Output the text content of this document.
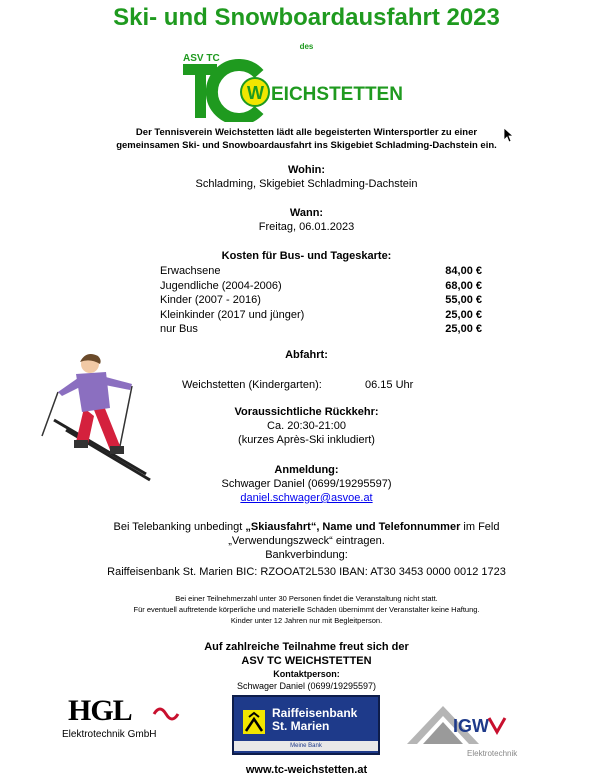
Ski- und Snowboardausfahrt 2023
des
ASV TC
W EICHSTETTEN
Der Tennisverein Weichstetten lädt alle begeisterten Wintersportler zu einer
gemeinsamen Ski- und Snowboardausfahrt ins Skigebiet Schladming-Dachstein ein.
Wohin:
Schladming, Skigebiet Schladming-Dachstein
Wann:
Freitag, 06.01.2023
Kosten für Bus- und Tageskarte:
Erwachsene	84,00 €
Jugendliche (2004-2006)	68,00 €
Kinder (2007 - 2016)	55,00 €
Kleinkinder (2017 und jünger)	25,00 €
nur Bus	25,00 €
Abfahrt:
Weichstetten (Kindergarten):	06.15 Uhr
Voraussichtliche Rückkehr:
Ca. 20:30-21:00
(kurzes Après-Ski inkludiert)
Anmeldung:
Schwager Daniel (0699/19295597)
daniel.schwager@asvoe.at
Bei Telebanking unbedingt „Skiausfahrt“, Name und Telefonnummer im Feld
„Verwendungszweck“ eintragen.
Bankverbindung:
Raiffeisenbank St. Marien BIC: RZOOAT2L530 IBAN: AT30 3453 0000 0012 1723
Bei einer Teilnehmerzahl unter 30 Personen findet die Veranstaltung nicht statt.
Für eventuell auftretende körperliche und materielle Schäden übernimmt der Veranstalter keine Haftung.
Kinder unter 12 Jahren nur mit Begleitperson.
Auf zahlreiche Teilnahme freut sich der
ASV TC WEICHSTETTEN
Kontaktperson:
Schwager Daniel (0699/19295597)
HGL
Elektrotechnik GmbH
Raiffeisenbank
St. Marien
Meine Bank
IGW
Elektrotechnik
www.tc-weichstetten.at
